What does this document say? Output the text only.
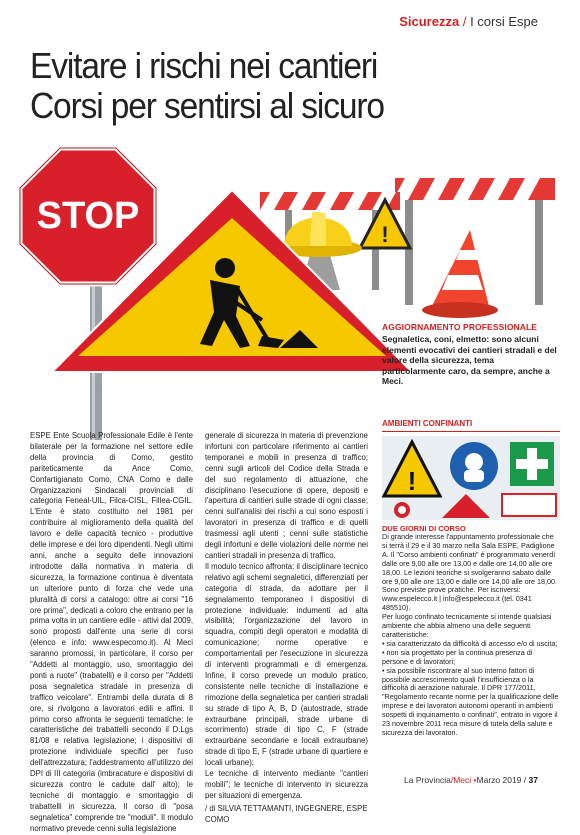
Sicurezza / I corsi Espe
Evitare i rischi nei cantieri
Corsi per sentirsi al sicuro
STOP	!
AGGIORNAMENTO PROFESSIONALE
Segnaletica, coni, elmetto: sono alcuni elementi evocativi dei cantieri stradali e del valore della sicurezza, tema particolarmente caro, da sempre, anche a Meci.

ESPE Ente Scuola Professionale Edile è l'ente bilaterale per la formazione nel settore edile della provincia di Como, gestito pariteticamente da Ance Como, Confartigianato Como, CNA Como e dalle Organizzazioni Sindacali provinciali di categoria Feneal-UIL, Filca-CISL, Fillea-CGIL. L'Ente è stato costituito nel 1981 per contribuire al miglioramento della qualità del lavoro e delle capacità tecnico - produttive delle imprese e dei loro dipendenti. Negli ultimi anni, anche a seguito delle innovazioni introdotte dalla normativa in materia di sicurezza, la formazione continua è diventata un ulteriore punto di forza che vede una pluralità di corsi a catalogo: oltre ai corsi "16 ore prima", dedicati a coloro che entrano per la prima volta in un cantiere edile - attivi dal 2009, sono proposti dall'ente una serie di corsi (elenco e info: www.especomo.it). Al Meci saranno promossi, in particolare, il corso per "Addetti al montaggio, uso, smontaggio dei ponti a ruote" (trabatelli) e il corso per "Addetti posa segnaletica stradale in presenza di traffico veicolare". Entrambi della durata di 8 ore, si rivolgono a lavoratori edili e affini. Il primo corso affronta le seguenti tematiche: le caratteristiche dei trabattelli secondo il D.Lgs 81/08 e relativa legislazione; i dispositivi di protezione individuale specifici per l'uso dell'attrezzatura; l'addestramento all'utilizzo dei DPI di III categoria (imbracature e dispositivi di sicurezza contro le cadute dall' alto); le tecniche di montaggio e smontaggio di trabattelli in sicurezza. Il corso di "posa segnaletica" comprende tre "moduli". Il modulo normativo prevede cenni sulla legislazione

generale di sicurezza in materia di prevenzione infortuni con particolare riferimento ai cantieri temporanei e mobili in presenza di traffico; cenni sugli articoli del Codice della Strada e del suo regolamento di attuazione, che disciplinano l'esecuzione di opere, depositi e l'apertura di cantieri sulle strade di ogni classe; cenni sull'analisi dei rischi a cui sono esposti i lavoratori in presenza di traffico e di quelli trasmessi agli utenti ; cenni sulle statistiche degli infortuni e delle violazioni delle norme nei cantieri stradali in presenza di traffico.

Il modulo tecnico affronta: il disciplinare tecnico relativo agli schemi segnaletici, differenziati per categoria di strada, da adottare per il segnalamento temporaneo l dispositivi di protezione individuale: indumenti ad alta visibilità; l'organizzazione del lavoro in squadra, compiti degli operatori e modalità di comunicazione; norme operative e comportamentali per l'esecuzione in sicurezza di interventi programmati e di emergenza. Infine, il corso prevede un modulo pratico, consistente nelle tecniche di installazione e rimozione della segnaletica per cantieri stradali su strade di tipo A, B, D (autostrade, strade extraurbane principali, strade urbane di scorrimento) strade di tipo C, F (strade extraurbane secondarie e locali extraurbane) strade di tipo E, F (strade urbane di quartiere e locali urbane);

Le tecniche di intervento mediante "cantieri mobili"; le tecniche di intervento in sicurezza per situazioni di emergenza.

/ di SILVIA TETTAMANTI, INGEGNERE, ESPE COMO

AMBIENTI CONFINANTI
!
DUE GIORNI DI CORSO

Di grande interesse l'appuntamento professionale che si terrà il 29 e il 30 marzo nella Sala ESPE, Padiglione A. Il "Corso ambienti confinati" è programmato venerdì dalle ore 9,00 alle ore 13,00 e dalle ore 14,00 alle ore 18,00. Le lezioni teoriche si svolgeranno sabato dalle ore 9,00 alle ore 13,00 e dalle ore 14,00 alle ore 18,00. Sono previste prove pratiche. Per iscriversi: www.espelecco.it | info@espelecco.it (tel. 0341 485510).

Per luogo confinato tecnicamente si intende qualsiasi ambiente che abbia almeno una delle seguenti caratteristiche:

• sia caratterizzato da difficoltà di accesso e/o di uscita;

• non sia progettato per la continua presenza di persone e di lavoratori;

• sia possibile riscontrare al suo interno fattori di possibile accrescimento quali l'insufficienza o la difficoltà di aerazione naturale. Il DPR 177/2011, "Regolamento recante norme per la qualificazione delle imprese e dei lavoratori autonomi operanti in ambienti sospetti di inquinamento o confinati", entrato in vigore il 23 novembre 2011 reca misure di tutela della salute e sicurezza dei lavoratori.

La Provincia/Meci •Marzo 2019 / 37
